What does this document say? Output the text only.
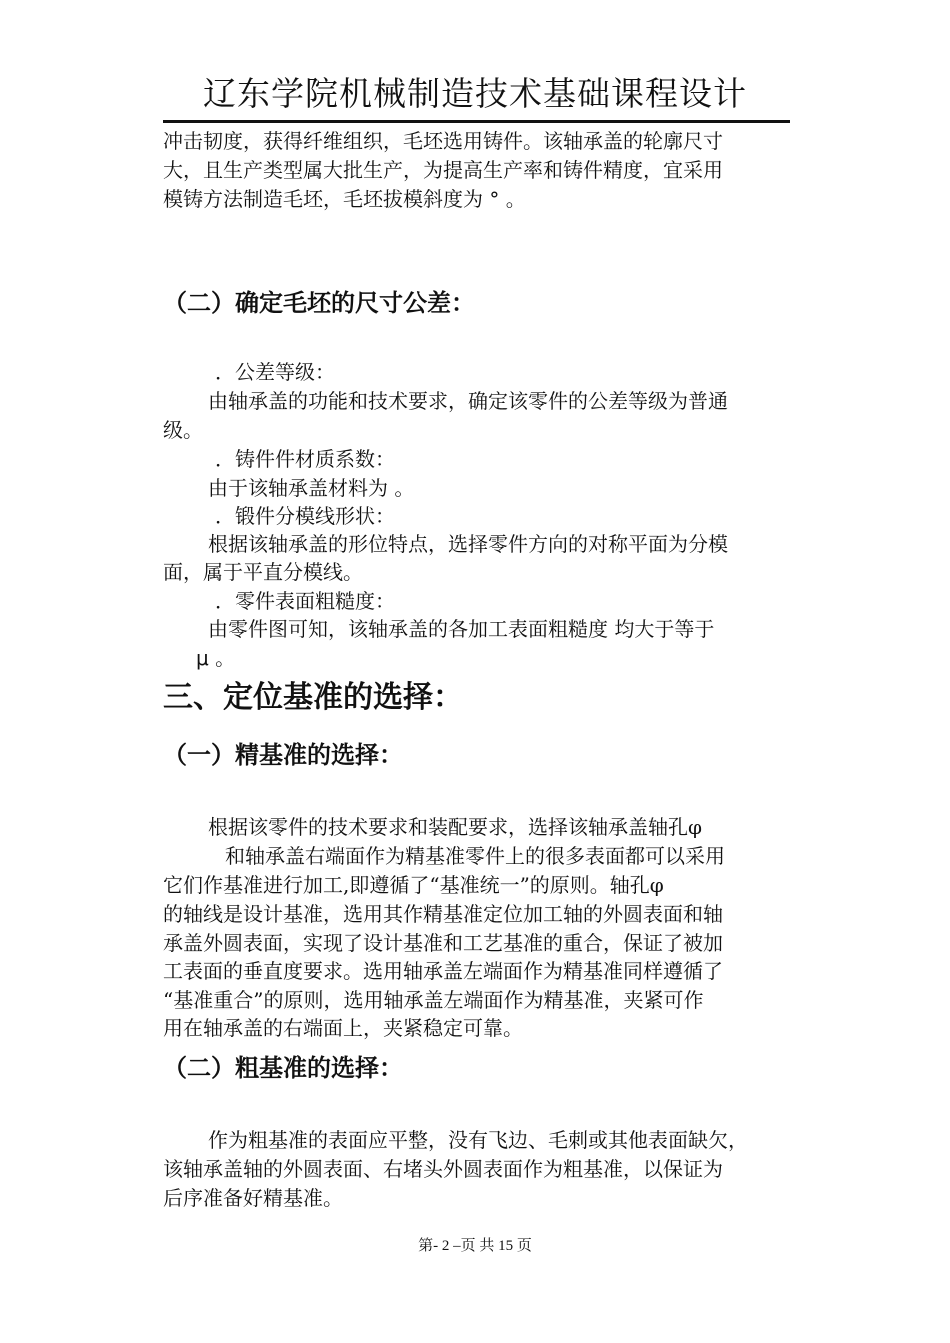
辽东学院机械制造技术基础课程设计

冲击韧度，获得纤维组织，毛坯选用铸件。该轴承盖的轮廓尺寸

大，且生产类型属大批生产，为提高生产率和铸件精度，宜采用

模铸方法制造毛坯，毛坯拔模斜度为 ° 。

（二）确定毛坯的尺寸公差：

．公差等级：

由轴承盖的功能和技术要求，确定该零件的公差等级为普通

级。

．铸件件材质系数：

由于该轴承盖材料为 。

．锻件分模线形状：

根据该轴承盖的形位特点，选择零件方向的对称平面为分模

面，属于平直分模线。

．零件表面粗糙度：

由零件图可知，该轴承盖的各加工表面粗糙度 均大于等于

μ 。

三、定位基准的选择：
（一）精基准的选择：

根据该零件的技术要求和装配要求，选择该轴承盖轴孔φ

和轴承盖右端面作为精基准零件上的很多表面都可以采用

它们作基准进行加工,即遵循了“基准统一”的原则。轴孔φ

的轴线是设计基准，选用其作精基准定位加工轴的外圆表面和轴

承盖外圆表面，实现了设计基准和工艺基准的重合，保证了被加

工表面的垂直度要求。选用轴承盖左端面作为精基准同样遵循了

“基准重合”的原则，选用轴承盖左端面作为精基准，夹紧可作

用在轴承盖的右端面上，夹紧稳定可靠。

（二）粗基准的选择：

作为粗基准的表面应平整，没有飞边、毛刺或其他表面缺欠，

该轴承盖轴的外圆表面、右堵头外圆表面作为粗基准，以保证为

后序准备好精基准。

第- 2 –页 共 15 页
